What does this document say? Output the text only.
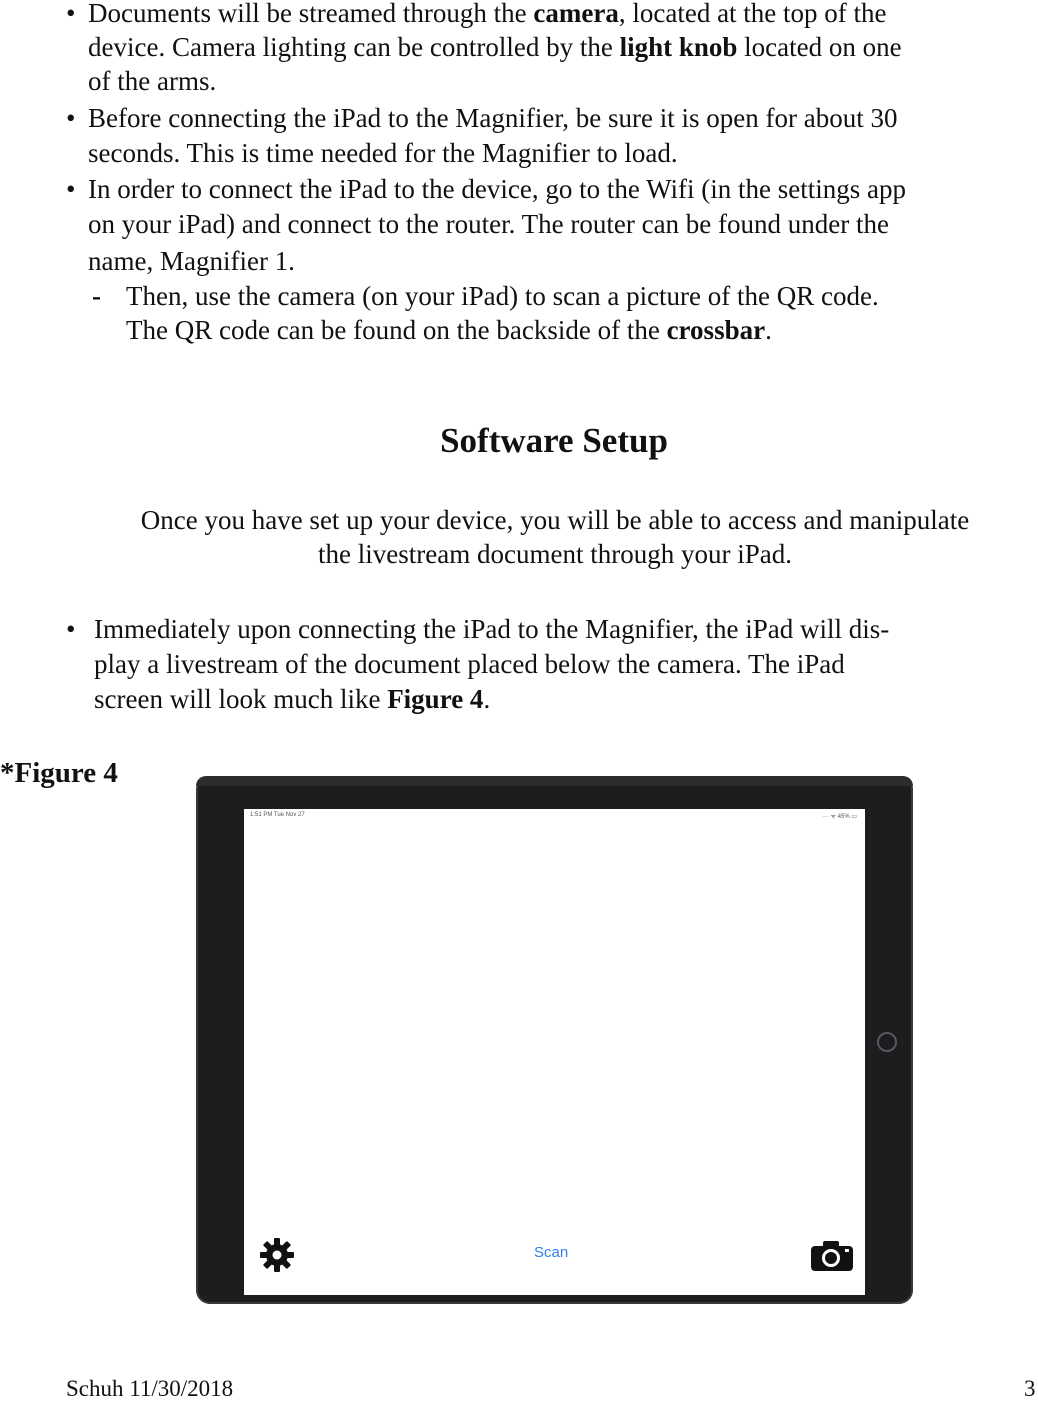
• Documents will be streamed through the camera, located at the top of the
device. Camera lighting can be controlled by the light knob located on one
of the arms.
• Before connecting the iPad to the Magnifier, be sure it is open for about 30
seconds. This is time needed for the Magnifier to load.
• In order to connect the iPad to the device, go to the Wifi (in the settings app
on your iPad) and connect to the router. The router can be found under the
name, Magnifier 1.
- Then, use the camera (on your iPad) to scan a picture of the QR code.
The QR code can be found on the backside of the crossbar.
Software Setup
Once you have set up your device, you will be able to access and manipulate
the livestream document through your iPad.
• Immediately upon connecting the iPad to the Magnifier, the iPad will dis-
play a livestream of the document placed below the camera. The iPad
screen will look much like Figure 4.
*Figure 4
1:51 PM Tue Nov 27	··· ᯤ 45% ▭
Scan
Schuh 11/30/2018	3
